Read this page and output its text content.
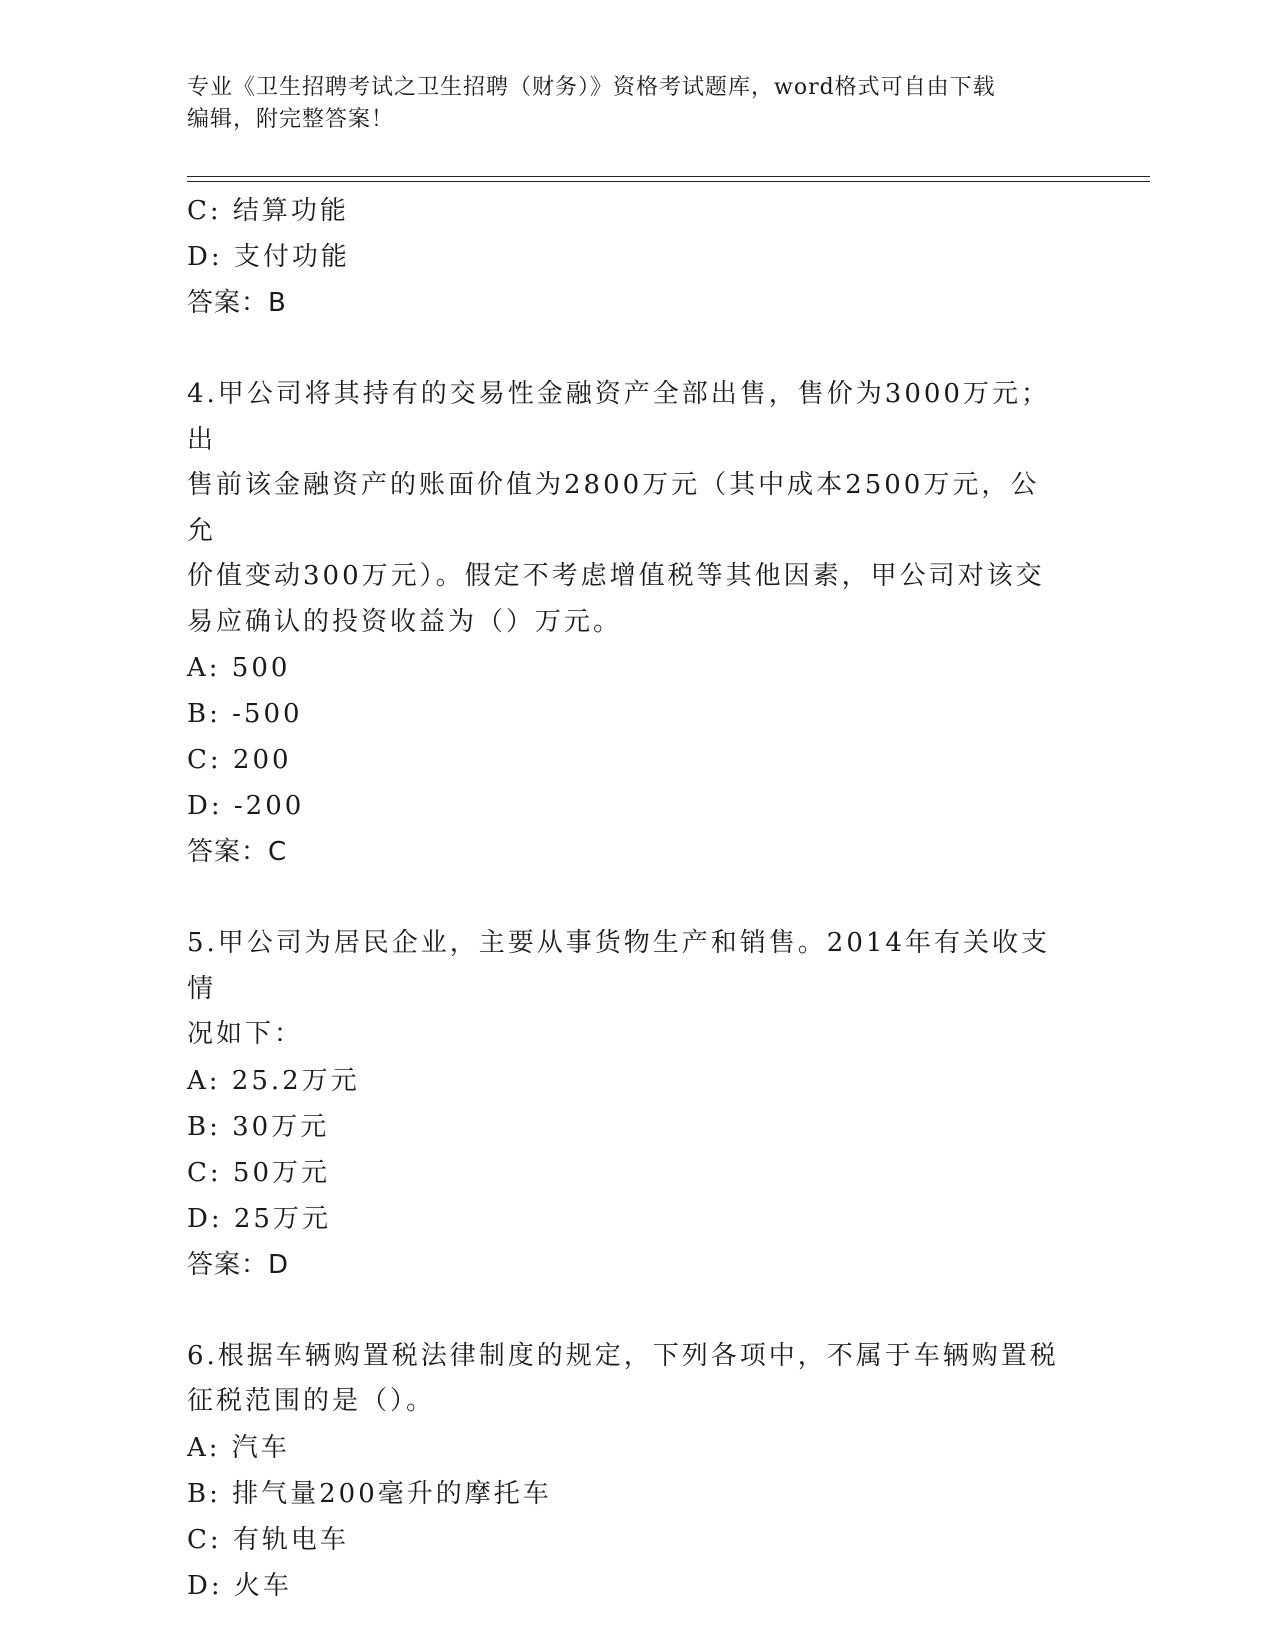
专业《卫生招聘考试之卫生招聘（财务）》资格考试题库，word格式可自由下载
编辑，附完整答案！
C: 结算功能
D: 支付功能
答案：B
4.甲公司将其持有的交易性金融资产全部出售，售价为3000万元；出
售前该金融资产的账面价值为2800万元（其中成本2500万元，公允
价值变动300万元）。假定不考虑增值税等其他因素，甲公司对该交
易应确认的投资收益为（）万元。
A: 500
B: -500
C: 200
D: -200
答案：C
5.甲公司为居民企业，主要从事货物生产和销售。2014年有关收支情
况如下：
A: 25.2万元
B: 30万元
C: 50万元
D: 25万元
答案：D
6.根据车辆购置税法律制度的规定，下列各项中，不属于车辆购置税
征税范围的是（）。
A: 汽车
B: 排气量200毫升的摩托车
C: 有轨电车
D: 火车
